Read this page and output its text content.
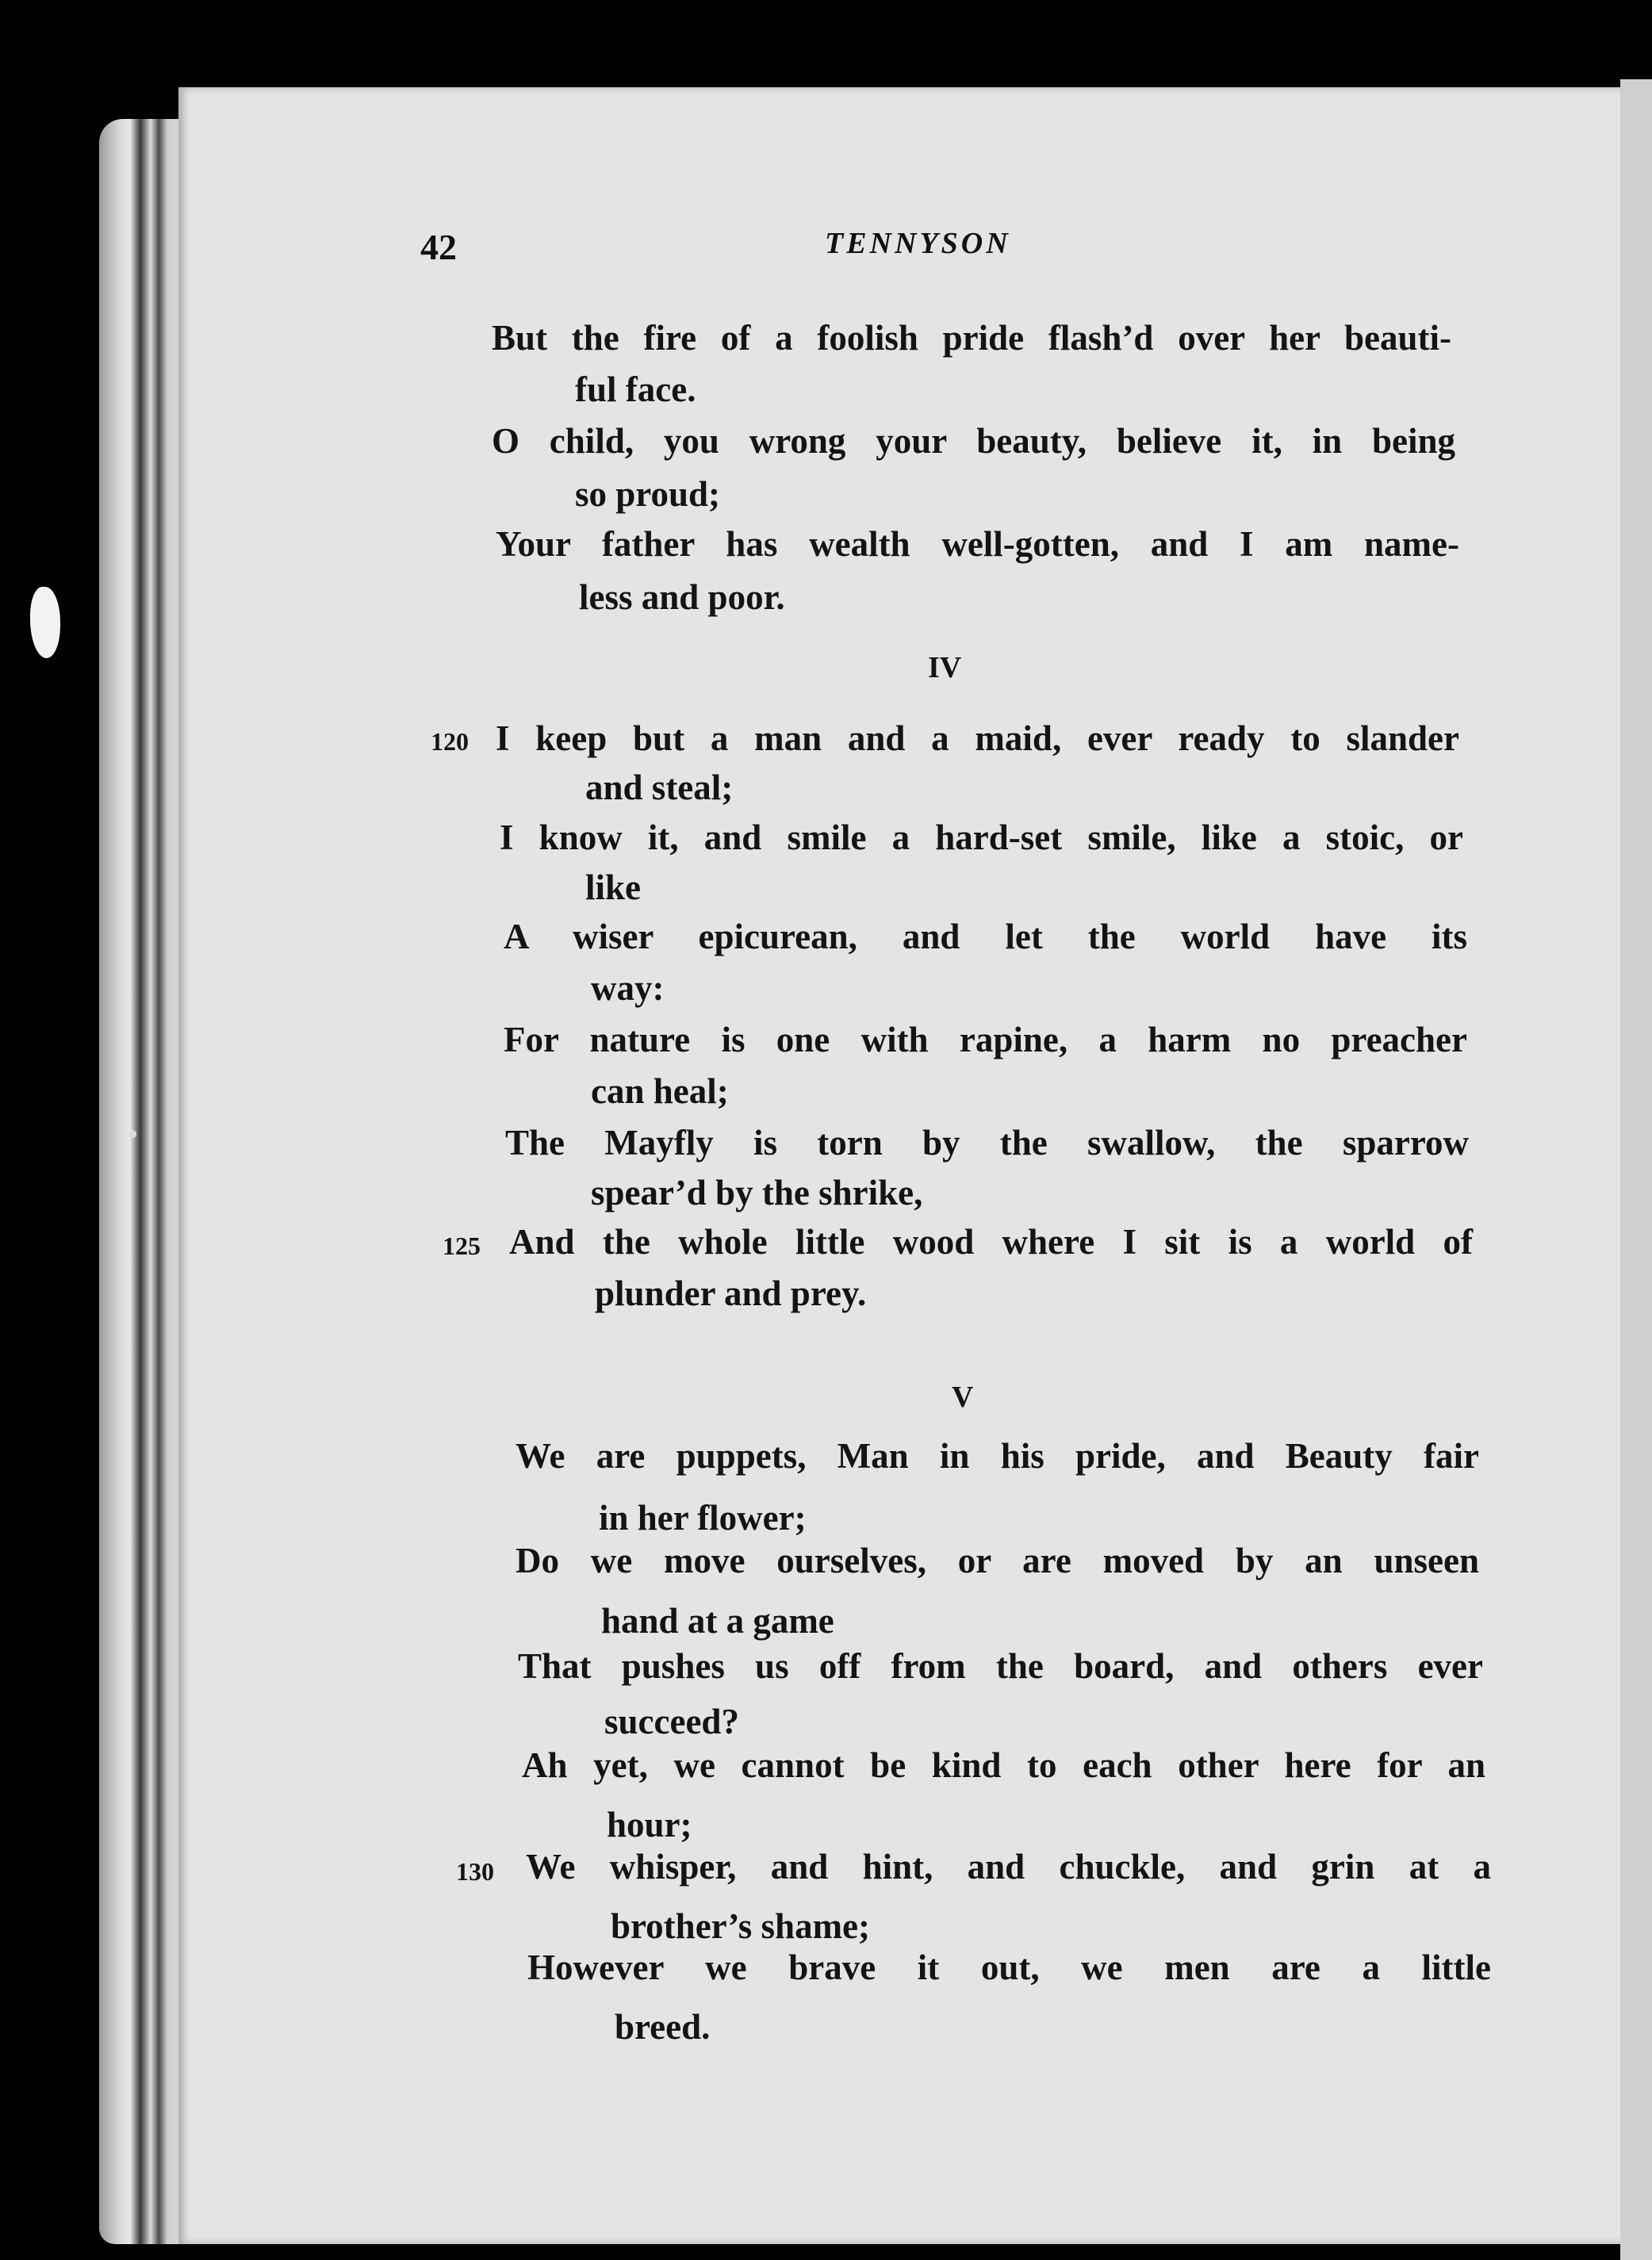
42	TENNYSON
But the fire of a foolish pride flash’d over her beauti-
ful face.
O child, you wrong your beauty, believe it, in being
so proud;
Your father has wealth well-gotten, and I am name-
less and poor.
IV
120 I keep but a man and a maid, ever ready to slander
and steal;
I know it, and smile a hard-set smile, like a stoic, or
like
A wiser epicurean, and let the world have its
way:
For nature is one with rapine, a harm no preacher
can heal;
The Mayfly is torn by the swallow, the sparrow
spear’d by the shrike,
125 And the whole little wood where I sit is a world of
plunder and prey.
V
We are puppets, Man in his pride, and Beauty fair
in her flower;
Do we move ourselves, or are moved by an unseen
hand at a game
That pushes us off from the board, and others ever
succeed?
Ah yet, we cannot be kind to each other here for an
hour;
130 We whisper, and hint, and chuckle, and grin at a
brother’s shame;
However we brave it out, we men are a little
breed.
